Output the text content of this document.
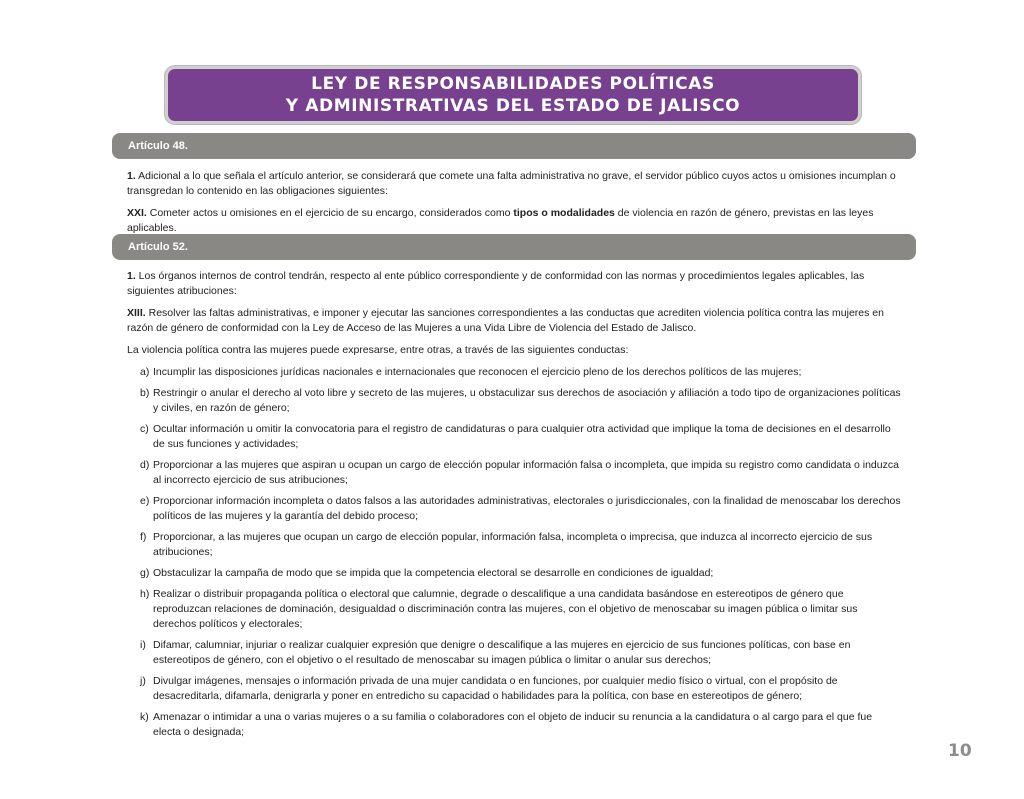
LEY DE RESPONSABILIDADES POLÍTICAS
Y ADMINISTRATIVAS DEL ESTADO DE JALISCO
Artículo 48.

1. Adicional a lo que señala el artículo anterior, se considerará que comete una falta administrativa no grave, el servidor público cuyos actos u omisiones incumplan o transgredan lo contenido en las obligaciones siguientes:

XXI. Cometer actos u omisiones en el ejercicio de su encargo, considerados como tipos o modalidades de violencia en razón de género, previstas en las leyes aplicables.

Artículo 52.

1. Los órganos internos de control tendrán, respecto al ente público correspondiente y de conformidad con las normas y procedimientos legales aplicables, las siguientes atribuciones:

XIII. Resolver las faltas administrativas, e imponer y ejecutar las sanciones correspondientes a las conductas que acrediten violencia política contra las mujeres en razón de género de conformidad con la Ley de Acceso de las Mujeres a una Vida Libre de Violencia del Estado de Jalisco.

La violencia política contra las mujeres puede expresarse, entre otras, a través de las siguientes conductas:

a) Incumplir las disposiciones jurídicas nacionales e internacionales que reconocen el ejercicio pleno de los derechos políticos de las mujeres;
b) Restringir o anular el derecho al voto libre y secreto de las mujeres, u obstaculizar sus derechos de asociación y afiliación a todo tipo de organizaciones políticas y civiles, en razón de género;
c) Ocultar información u omitir la convocatoria para el registro de candidaturas o para cualquier otra actividad que implique la toma de decisiones en el desarrollo de sus funciones y actividades;
d) Proporcionar a las mujeres que aspiran u ocupan un cargo de elección popular información falsa o incompleta, que impida su registro como candidata o induzca al incorrecto ejercicio de sus atribuciones;
e) Proporcionar información incompleta o datos falsos a las autoridades administrativas, electorales o jurisdiccionales, con la finalidad de menoscabar los derechos políticos de las mujeres y la garantía del debido proceso;
f) Proporcionar, a las mujeres que ocupan un cargo de elección popular, información falsa, incompleta o imprecisa, que induzca al incorrecto ejercicio de sus atribuciones;
g) Obstaculizar la campaña de modo que se impida que la competencia electoral se desarrolle en condiciones de igualdad;
h) Realizar o distribuir propaganda política o electoral que calumnie, degrade o descalifique a una candidata basándose en estereotipos de género que reproduzcan relaciones de dominación, desigualdad o discriminación contra las mujeres, con el objetivo de menoscabar su imagen pública o limitar sus derechos políticos y electorales;
i) Difamar, calumniar, injuriar o realizar cualquier expresión que denigre o descalifique a las mujeres en ejercicio de sus funciones políticas, con base en estereotipos de género, con el objetivo o el resultado de menoscabar su imagen pública o limitar o anular sus derechos;
j) Divulgar imágenes, mensajes o información privada de una mujer candidata o en funciones, por cualquier medio físico o virtual, con el propósito de desacreditarla, difamarla, denigrarla y poner en entredicho su capacidad o habilidades para la política, con base en estereotipos de género;
k) Amenazar o intimidar a una o varias mujeres o a su familia o colaboradores con el objeto de inducir su renuncia a la candidatura o al cargo para el que fue electa o designada;
10
